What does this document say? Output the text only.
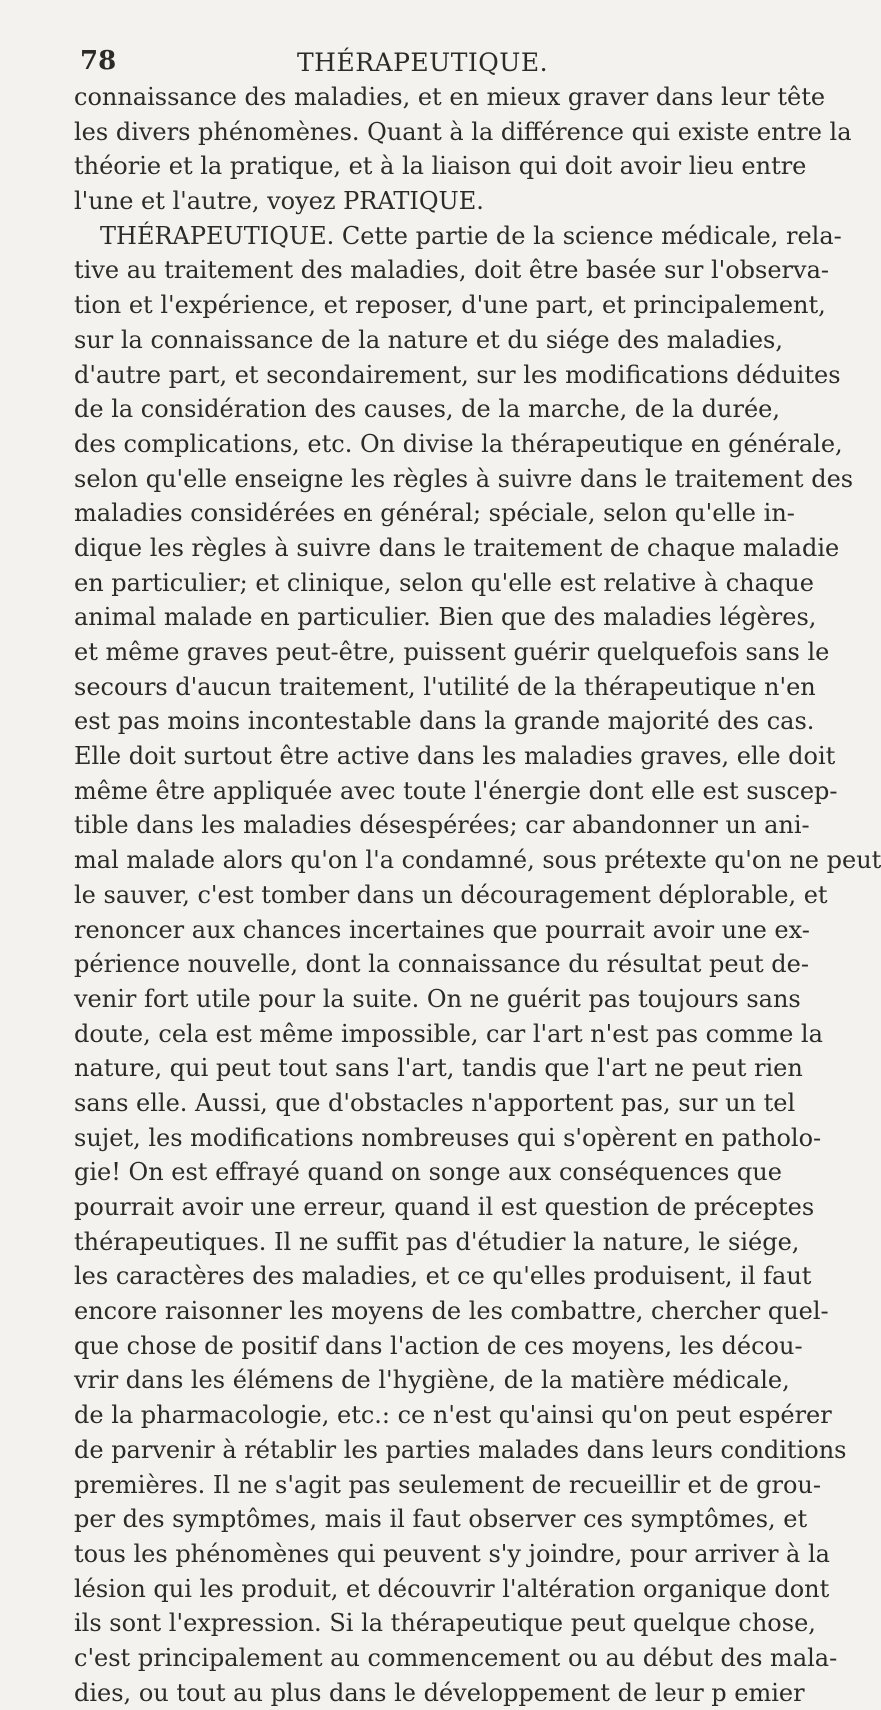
78	THÉRAPEUTIQUE.
connaissance des maladies, et en mieux graver dans leur tête
les divers phénomènes. Quant à la différence qui existe entre la
théorie et la pratique, et à la liaison qui doit avoir lieu entre
l'une et l'autre, voyez PRATIQUE.
THÉRAPEUTIQUE. Cette partie de la science médicale, rela-
tive au traitement des maladies, doit être basée sur l'observa-
tion et l'expérience, et reposer, d'une part, et principalement,
sur la connaissance de la nature et du siége des maladies,
d'autre part, et secondairement, sur les modifications déduites
de la considération des causes, de la marche, de la durée,
des complications, etc. On divise la thérapeutique en générale,
selon qu'elle enseigne les règles à suivre dans le traitement des
maladies considérées en général; spéciale, selon qu'elle in-
dique les règles à suivre dans le traitement de chaque maladie
en particulier; et clinique, selon qu'elle est relative à chaque
animal malade en particulier. Bien que des maladies légères,
et même graves peut-être, puissent guérir quelquefois sans le
secours d'aucun traitement, l'utilité de la thérapeutique n'en
est pas moins incontestable dans la grande majorité des cas.
Elle doit surtout être active dans les maladies graves, elle doit
même être appliquée avec toute l'énergie dont elle est suscep-
tible dans les maladies désespérées; car abandonner un ani-
mal malade alors qu'on l'a condamné, sous prétexte qu'on ne peut
le sauver, c'est tomber dans un découragement déplorable, et
renoncer aux chances incertaines que pourrait avoir une ex-
périence nouvelle, dont la connaissance du résultat peut de-
venir fort utile pour la suite. On ne guérit pas toujours sans
doute, cela est même impossible, car l'art n'est pas comme la
nature, qui peut tout sans l'art, tandis que l'art ne peut rien
sans elle. Aussi, que d'obstacles n'apportent pas, sur un tel
sujet, les modifications nombreuses qui s'opèrent en patholo-
gie! On est effrayé quand on songe aux conséquences que
pourrait avoir une erreur, quand il est question de préceptes
thérapeutiques. Il ne suffit pas d'étudier la nature, le siége,
les caractères des maladies, et ce qu'elles produisent, il faut
encore raisonner les moyens de les combattre, chercher quel-
que chose de positif dans l'action de ces moyens, les décou-
vrir dans les élémens de l'hygiène, de la matière médicale,
de la pharmacologie, etc.: ce n'est qu'ainsi qu'on peut espérer
de parvenir à rétablir les parties malades dans leurs conditions
premières. Il ne s'agit pas seulement de recueillir et de grou-
per des symptômes, mais il faut observer ces symptômes, et
tous les phénomènes qui peuvent s'y joindre, pour arriver à la
lésion qui les produit, et découvrir l'altération organique dont
ils sont l'expression. Si la thérapeutique peut quelque chose,
c'est principalement au commencement ou au début des mala-
dies, ou tout au plus dans le développement de leur p emier
